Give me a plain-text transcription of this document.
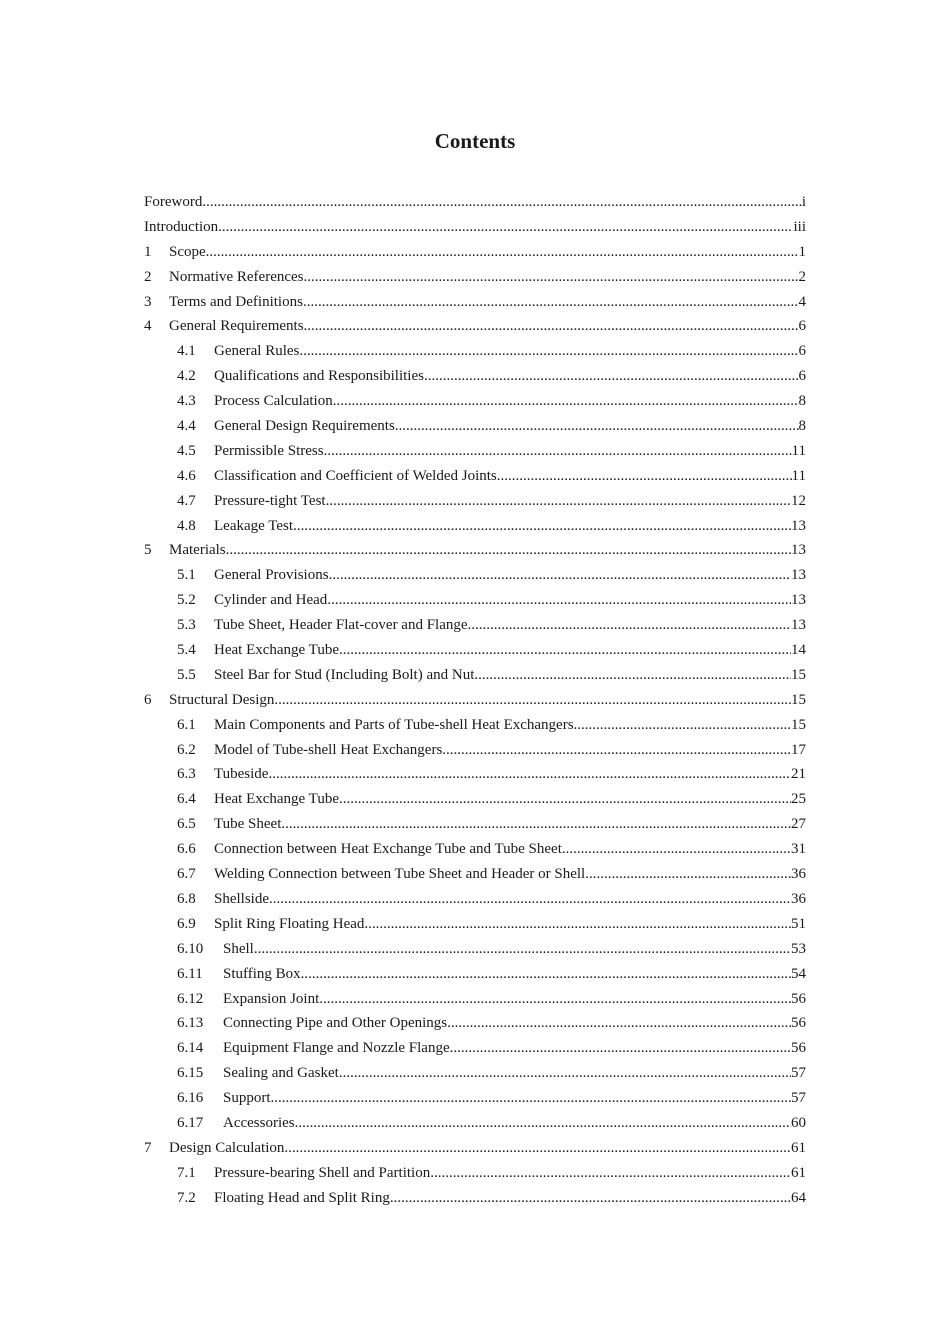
Contents
Foreword .....	i
Introduction .....	iii
1	Scope .....	1
2	Normative References .....	2
3	Terms and Definitions .....	4
4	General Requirements .....	6
4.1	General Rules .....	6
4.2	Qualifications and Responsibilities .....	6
4.3	Process Calculation .....	8
4.4	General Design Requirements .....	8
4.5	Permissible Stress .....	11
4.6	Classification and Coefficient of Welded Joints .....	11
4.7	Pressure-tight Test .....	12
4.8	Leakage Test .....	13
5	Materials .....	13
5.1	General Provisions .....	13
5.2	Cylinder and Head .....	13
5.3	Tube Sheet, Header Flat-cover and Flange .....	13
5.4	Heat Exchange Tube .....	14
5.5	Steel Bar for Stud (Including Bolt) and Nut .....	15
6	Structural Design .....	15
6.1	Main Components and Parts of Tube-shell Heat Exchangers .....	15
6.2	Model of Tube-shell Heat Exchangers .....	17
6.3	Tubeside .....	21
6.4	Heat Exchange Tube .....	25
6.5	Tube Sheet .....	27
6.6	Connection between Heat Exchange Tube and Tube Sheet .....	31
6.7	Welding Connection between Tube Sheet and Header or Shell .....	36
6.8	Shellside .....	36
6.9	Split Ring Floating Head .....	51
6.10	Shell .....	53
6.11	Stuffing Box .....	54
6.12	Expansion Joint .....	56
6.13	Connecting Pipe and Other Openings .....	56
6.14	Equipment Flange and Nozzle Flange .....	56
6.15	Sealing and Gasket .....	57
6.16	Support .....	57
6.17	Accessories .....	60
7	Design Calculation .....	61
7.1	Pressure-bearing Shell and Partition .....	61
7.2	Floating Head and Split Ring .....	64
